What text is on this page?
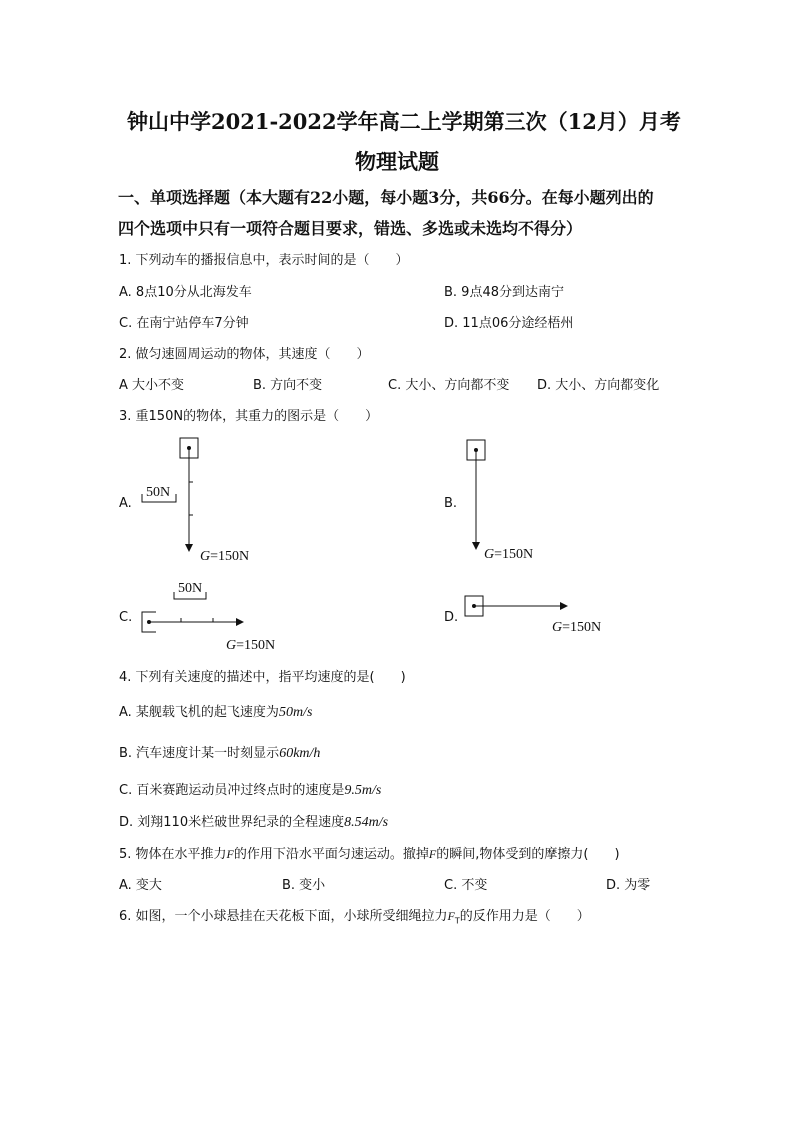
钟山中学2021-2022学年高二上学期第三次（12月）月考
物理试题
一、单项选择题（本大题有22小题，每小题3分，共66分。在每小题列出的
四个选项中只有一项符合题目要求，错选、多选或未选均不得分）
1. 下列动车的播报信息中，表示时间的是（　　）
A. 8点10分从北海发车	B. 9点48分到达南宁
C. 在南宁站停车7分钟	D. 11点06分途经梧州
2. 做匀速圆周运动的物体，其速度（　　）
A 大小不变	B. 方向不变	C. 大小、方向都不变 D. 大小、方向都变化
3. 重150N的物体，其重力的图示是（　　）
A.
50N
G=150N
B.
G=150N
C.
50N
G=150N
D.
G=150N
4. 下列有关速度的描述中，指平均速度的是(　　)
A. 某舰载飞机的起飞速度为50m/s
B. 汽车速度计某一时刻显示60km/h
C. 百米赛跑运动员冲过终点时的速度是9.5m/s
D. 刘翔110米栏破世界纪录的全程速度8.54m/s
5. 物体在水平推力F的作用下沿水平面匀速运动。撤掉F的瞬间,物体受到的摩擦力(　　)
A. 变大	B. 变小	C. 不变	D. 为零
6. 如图，一个小球悬挂在天花板下面，小球所受细绳拉力$F_T$的反作用力是（　　）
